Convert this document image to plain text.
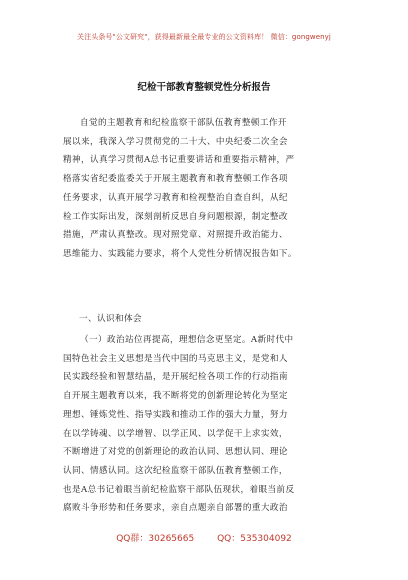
关注头条号"公文研究"，获得最新最全最专业的公文资料库！ 微信：gongwenyj
纪检干部教育整顿党性分析报告
自觉的主题教育和纪检监察干部队伍教育整顿工作开
展以来，我深入学习贯彻党的二十大、中央纪委二次全会
精神，认真学习贯彻A总书记重要讲话和重要指示精神，严
格落实省纪委监委关于开展主题教育和教育整顿工作各项
任务要求，认真开展学习教育和检视整治自查自纠，从纪
检工作实际出发，深刻剖析反思自身问题根源，制定整改
措施，严肃认真整改。现对照党章、对照提升政治能力、
思维能力、实践能力要求，将个人党性分析情况报告如下。
一、认识和体会
（一）政治站位再提高，理想信念更坚定。A新时代中
国特色社会主义思想是当代中国的马克思主义，是党和人
民实践经验和智慧结晶，是开展纪检各项工作的行动指南
自开展主题教育以来，我不断将党的创新理论转化为坚定
理想、锤炼党性、指导实践和推动工作的强大力量，努力
在以学铸魂、以学增智、以学正风、以学促干上求实效，
不断增进了对党的创新理论的政治认同、思想认同、理论
认同、情感认同。这次纪检监察干部队伍教育整顿工作，
也是A总书记着眼当前纪检监察干部队伍现状，着眼当前反
腐败斗争形势和任务要求，亲自点题亲自部署的重大政治
QQ群：30265665	QQ：535304092
